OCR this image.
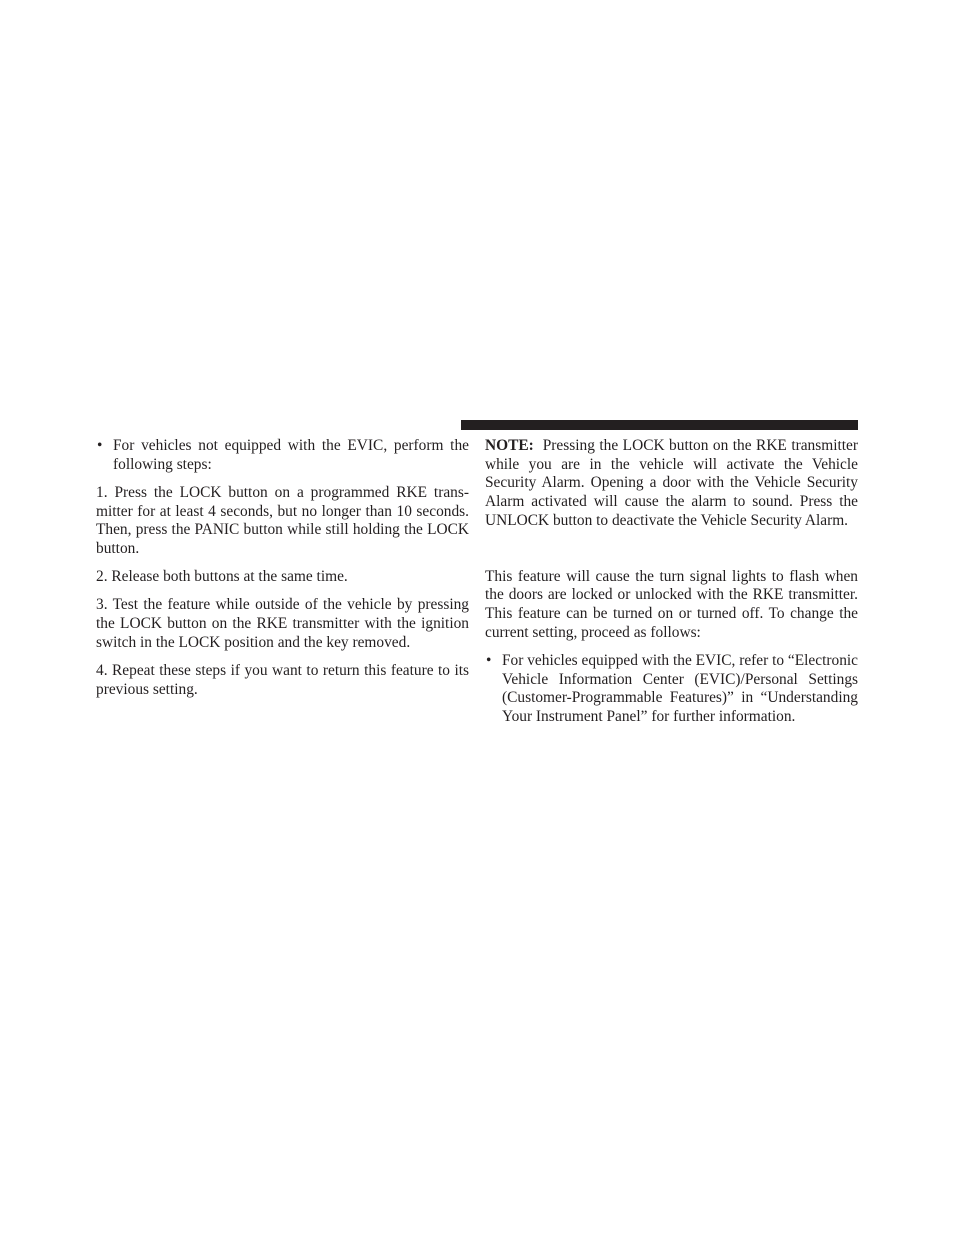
• For vehicles not equipped with the EVIC, perform the following steps:

1. Press the LOCK button on a programmed RKE transmitter for at least 4 seconds, but no longer than 10 seconds. Then, press the PANIC button while still holding the LOCK button.

2. Release both buttons at the same time.

3. Test the feature while outside of the vehicle by pressing the LOCK button on the RKE transmitter with the ignition switch in the LOCK position and the key removed.

4. Repeat these steps if you want to return this feature to its previous setting.

NOTE: Pressing the LOCK button on the RKE transmitter while you are in the vehicle will activate the Vehicle Security Alarm. Opening a door with the Vehicle Security Alarm activated will cause the alarm to sound. Press the UNLOCK button to deactivate the Vehicle Security Alarm.

This feature will cause the turn signal lights to flash when the doors are locked or unlocked with the RKE transmitter. This feature can be turned on or turned off. To change the current setting, proceed as follows:

• For vehicles equipped with the EVIC, refer to “Electronic Vehicle Information Center (EVIC)/Personal Settings (Customer-Programmable Features)” in “Understanding Your Instrument Panel” for further information.
